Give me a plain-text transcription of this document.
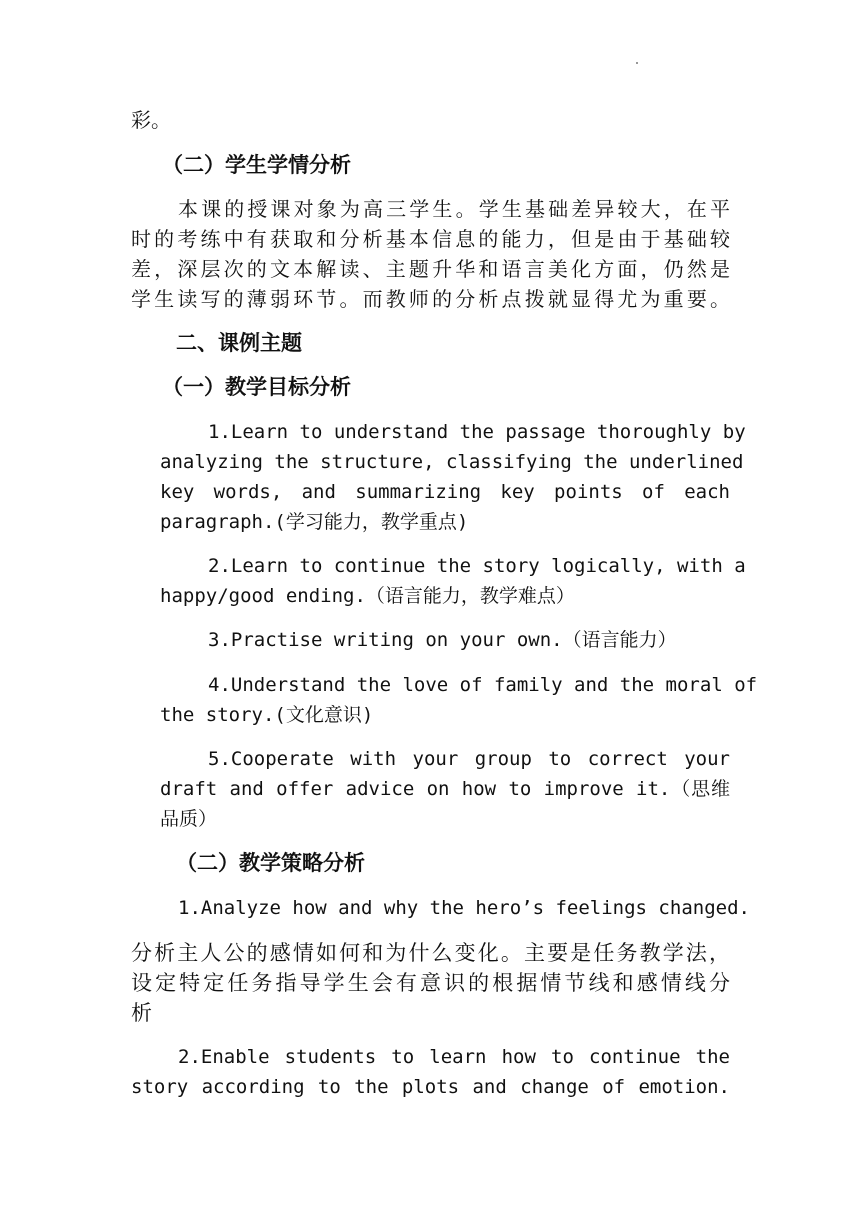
彩。
（二）学生学情分析
本课的授课对象为高三学生。学生基础差异较大，在平
时的考练中有获取和分析基本信息的能力，但是由于基础较
差，深层次的文本解读、主题升华和语言美化方面，仍然是
学生读写的薄弱环节。而教师的分析点拨就显得尤为重要。
二、课例主题
（一）教学目标分析
1.Learn to understand the passage thoroughly by
analyzing the structure, classifying the underlined
key words, and summarizing key points of each
paragraph.(学习能力，教学重点)
2.Learn to continue the story logically, with a
happy/good ending.（语言能力，教学难点）
3.Practise writing on your own.（语言能力）
4.Understand the love of family and the moral of
the story.(文化意识)
5.Cooperate with your group to correct your
draft and offer advice on how to improve it.（思维
品质）
（二）教学策略分析
1.Analyze how and why the hero’s feelings changed.
分析主人公的感情如何和为什么变化。主要是任务教学法，
设定特定任务指导学生会有意识的根据情节线和感情线分
析
2.Enable students to learn how to continue the
story according to the plots and change of emotion.
